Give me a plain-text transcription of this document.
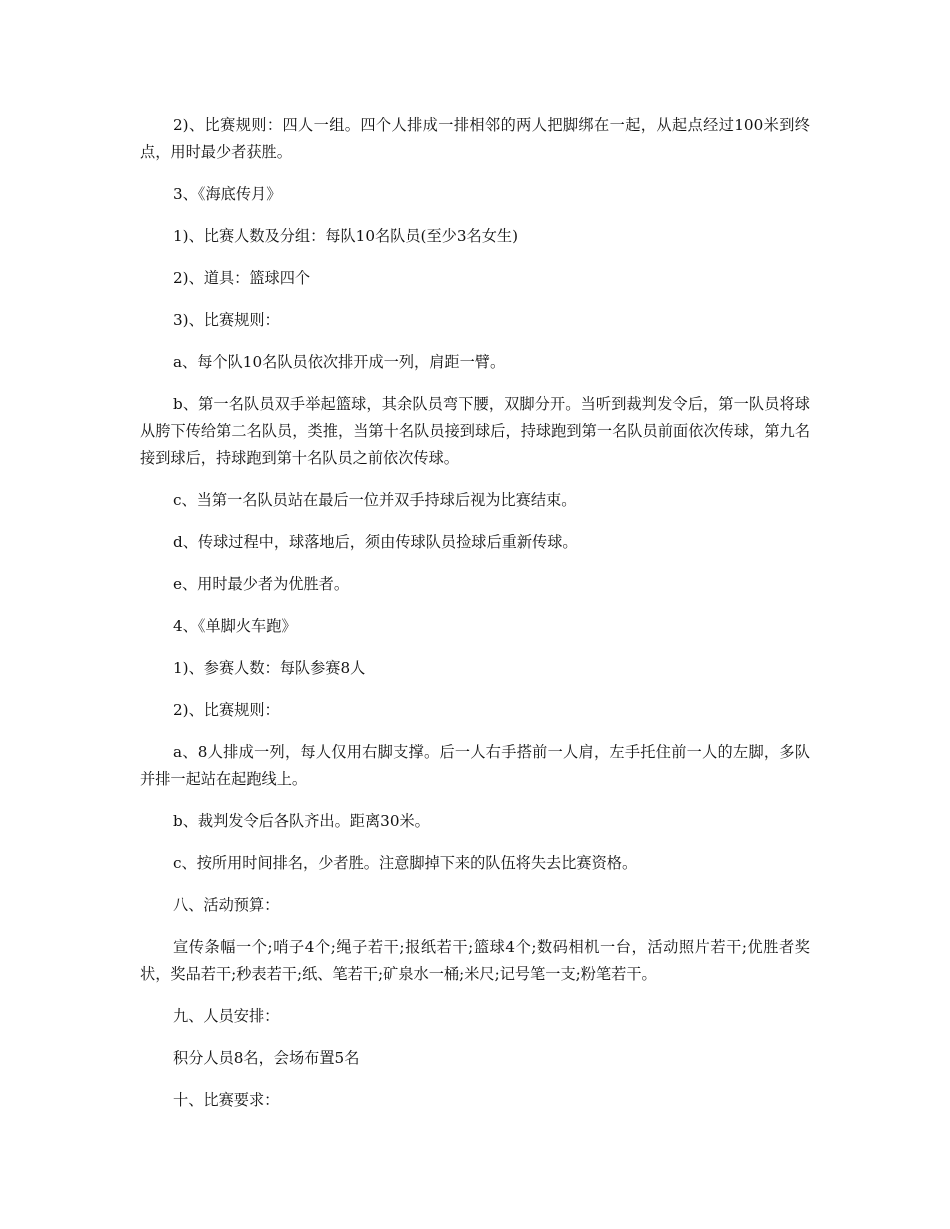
2)、比赛规则：四人一组。四个人排成一排相邻的两人把脚绑在一起，从起点经过100米到终点，用时最少者获胜。

3、《海底传月》

1)、比赛人数及分组：每队10名队员(至少3名女生)

2)、道具：篮球四个

3)、比赛规则：

a、每个队10名队员依次排开成一列，肩距一臂。

b、第一名队员双手举起篮球，其余队员弯下腰，双脚分开。当听到裁判发令后，第一队员将球从胯下传给第二名队员，类推，当第十名队员接到球后，持球跑到第一名队员前面依次传球，第九名接到球后，持球跑到第十名队员之前依次传球。

c、当第一名队员站在最后一位并双手持球后视为比赛结束。

d、传球过程中，球落地后，须由传球队员捡球后重新传球。

e、用时最少者为优胜者。

4、《单脚火车跑》

1)、参赛人数：每队参赛8人

2)、比赛规则：

a、8人排成一列，每人仅用右脚支撑。后一人右手搭前一人肩，左手托住前一人的左脚，多队并排一起站在起跑线上。

b、裁判发令后各队齐出。距离30米。

c、按所用时间排名，少者胜。注意脚掉下来的队伍将失去比赛资格。

八、活动预算：

宣传条幅一个;哨子4个;绳子若干;报纸若干;篮球4个;数码相机一台，活动照片若干;优胜者奖状，奖品若干;秒表若干;纸、笔若干;矿泉水一桶;米尺;记号笔一支;粉笔若干。

九、人员安排：

积分人员8名，会场布置5名

十、比赛要求：
